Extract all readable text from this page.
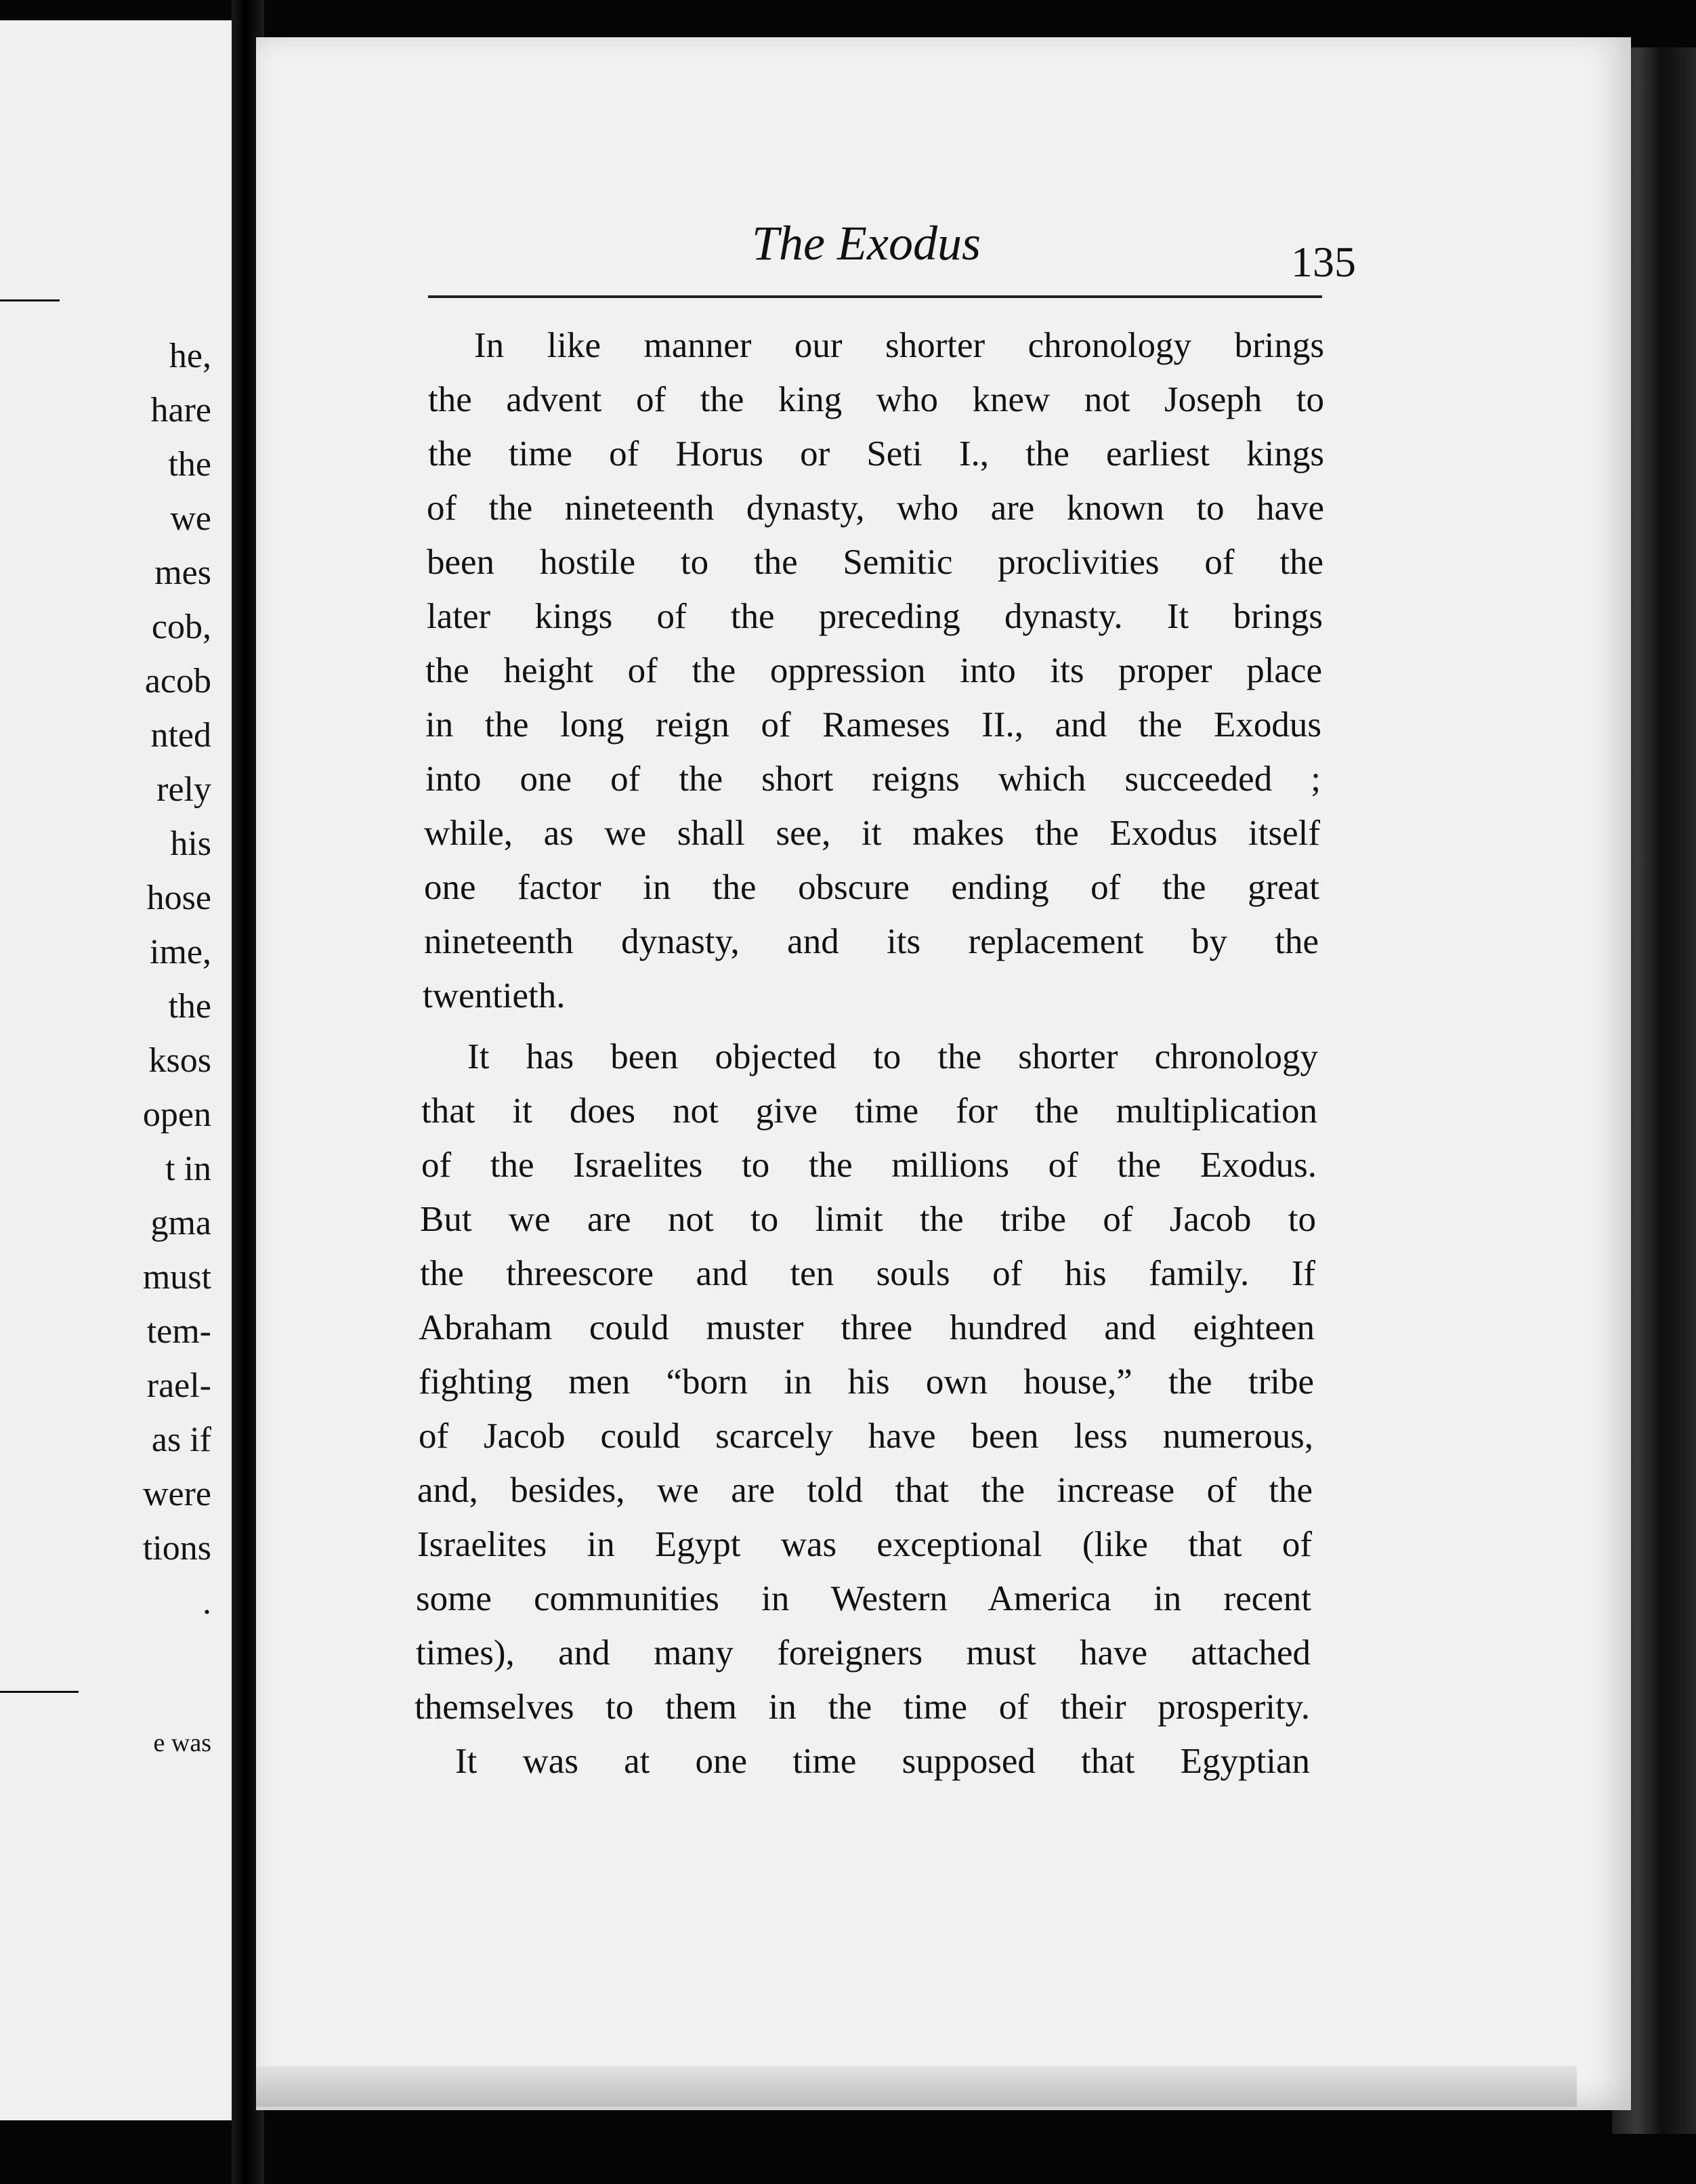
he,
hare
the
we
mes
cob,
acob
nted
rely
his
hose
ime,
the
ksos
open
t in
gma
must
tem-
rael-
as if
were
tions
.
e was
The Exodus	135

In like manner our shorter chronology brings

the advent of the king who knew not Joseph to

the time of Horus or Seti I., the earliest kings

of the nineteenth dynasty, who are known to have

been hostile to the Semitic proclivities of the

later kings of the preceding dynasty. It brings

the height of the oppression into its proper place

in the long reign of Rameses II., and the Exodus

into one of the short reigns which succeeded ;

while, as we shall see, it makes the Exodus itself

one factor in the obscure ending of the great

nineteenth dynasty, and its replacement by the

twentieth.

It has been objected to the shorter chronology

that it does not give time for the multiplication

of the Israelites to the millions of the Exodus.

But we are not to limit the tribe of Jacob to

the threescore and ten souls of his family. If

Abraham could muster three hundred and eighteen

fighting men “born in his own house,” the tribe

of Jacob could scarcely have been less numerous,

and, besides, we are told that the increase of the

Israelites in Egypt was exceptional (like that of

some communities in Western America in recent

times), and many foreigners must have attached

themselves to them in the time of their prosperity.

It was at one time supposed that Egyptian
